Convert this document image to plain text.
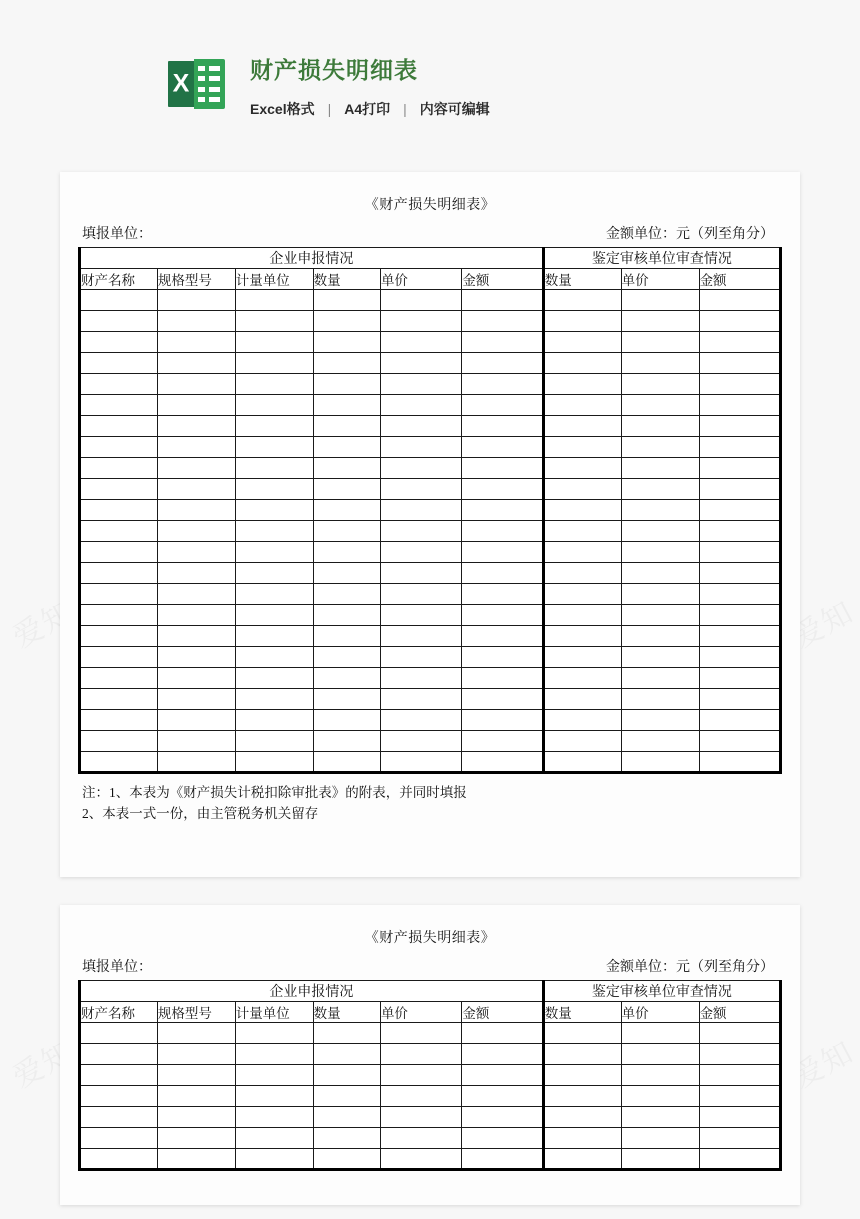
爱知	爱知
爱知	爱知
X
财产损失明细表
Excel格式 | A4打印 | 内容可编辑
《财产损失明细表》
填报单位：	金额单位：元（列至角分）
企业申报情况						鉴定审核单位审查情况		
财产名称	规格型号	计量单位	数量	单价	金额	数量	单价	金额

注：1、本表为《财产损失计税扣除审批表》的附表，并同时填报
2、本表一式一份，由主管税务机关留存
《财产损失明细表》
填报单位：	金额单位：元（列至角分）
企业申报情况						鉴定审核单位审查情况		
财产名称	规格型号	计量单位	数量	单价	金额	数量	单价	金额
